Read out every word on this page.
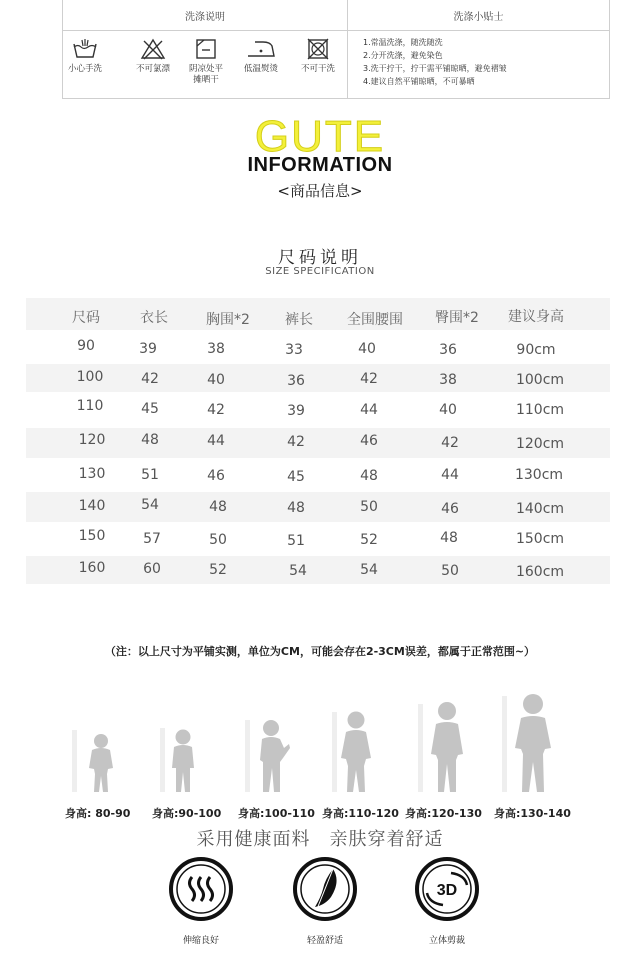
洗涤说明	洗涤小贴士
小心手洗	不可氯漂	阴凉处平
摊晒干
低温熨烫	不可干洗
1.常温洗涤，随洗随洗
2.分开洗涤，避免染色
3.洗干拧干，拧干需平铺晾晒，避免褶皱
4.建议自然平铺晾晒，不可暴晒
GUTE
INFORMATION
<商品信息>
尺码说明
SIZE SPECIFICATION
尺码	衣长	胸围*2	裤长	全围腰围	臀围*2	建议身高
90	39	38	33	40	36	90cm
100	42	40	36	42	38	100cm
110	45	42	39	44	40	110cm
120	48	44	42	46	42	120cm
130	51	46	45	48	44	130cm
140	54	48	48	50	46	140cm
150	57	50	51	52	48	150cm
160	60	52	54	54	50	160cm
（注：以上尺寸为平铺实测，单位为CM，可能会存在2-3CM误差，都属于正常范围~）
身高: 80-90 身高:90-100 身高:100-110 身高:110-120 身高:120-130 身高:130-140
采用健康面料　亲肤穿着舒适
伸缩良好	轻盈舒适
3D
立体剪裁
